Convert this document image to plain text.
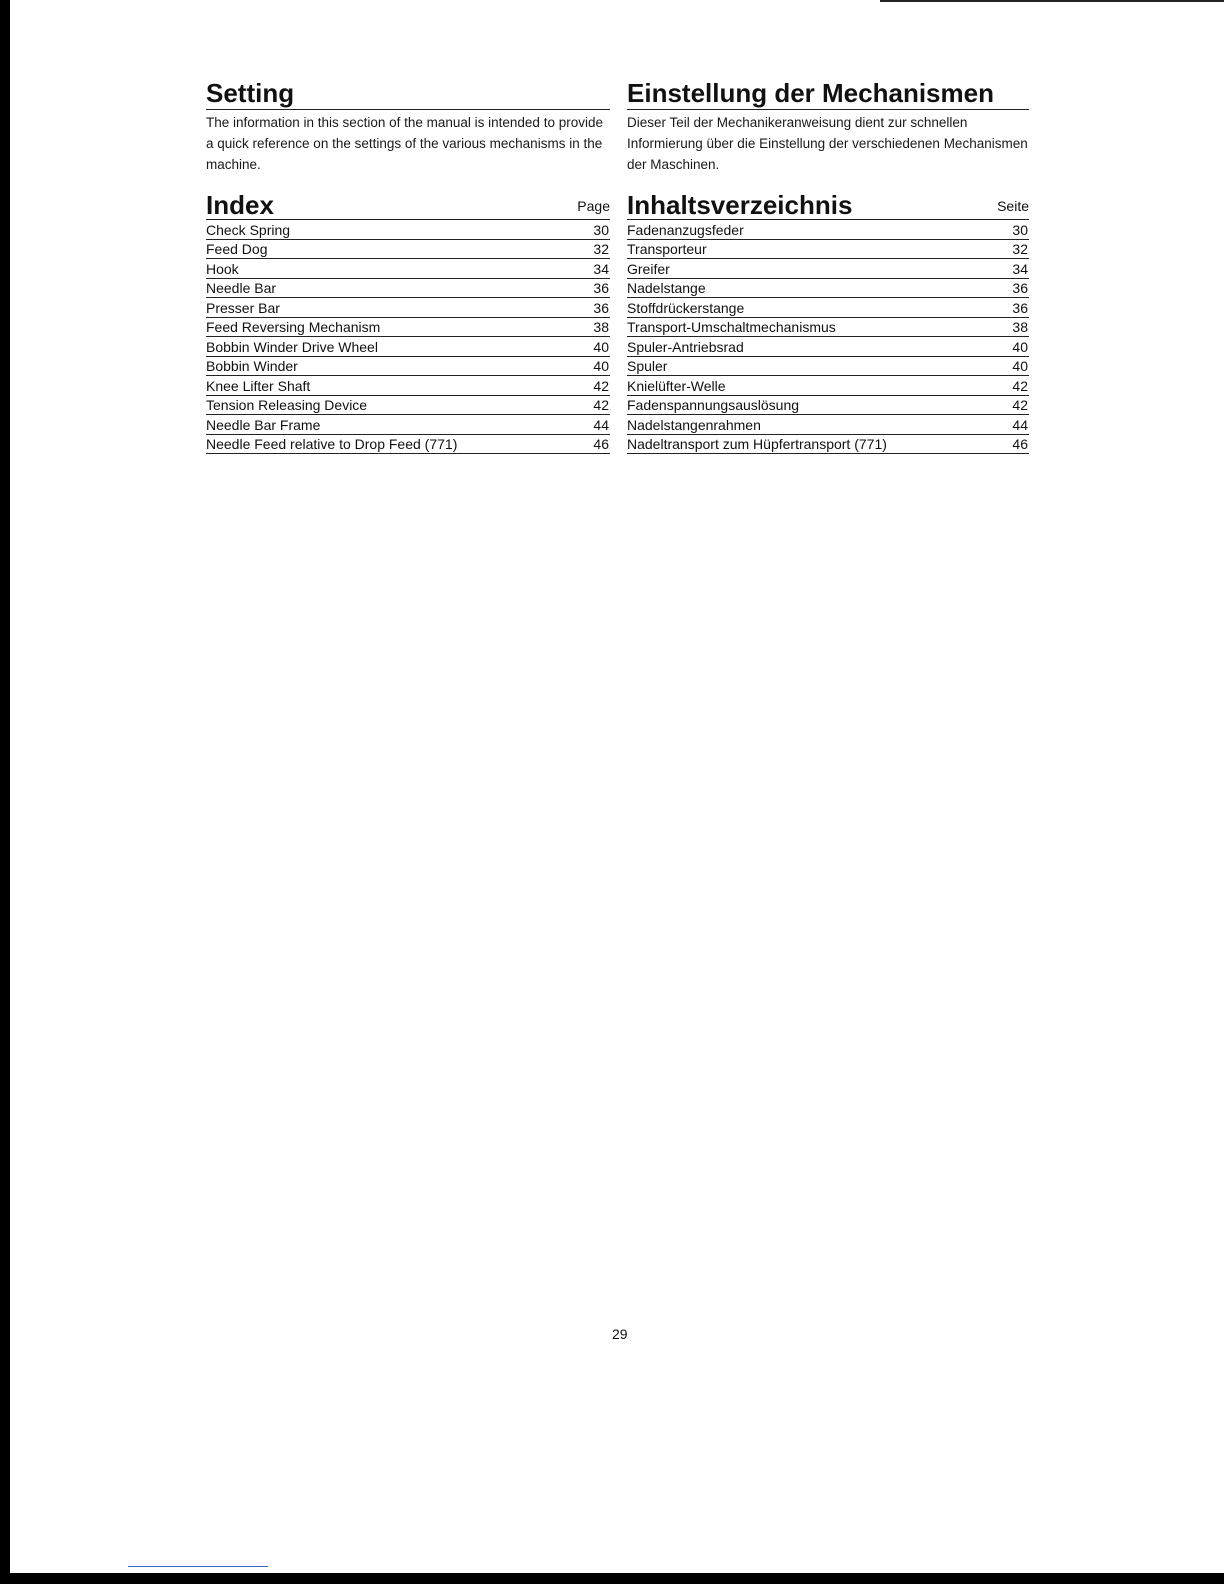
Setting

The information in this section of the manual is intended to provide a quick reference on the settings of the various mechanisms in the machine.

Index	Page
Check Spring	30
Feed Dog	32
Hook	34
Needle Bar	36
Presser Bar	36
Feed Reversing Mechanism	38
Bobbin Winder Drive Wheel	40
Bobbin Winder	40
Knee Lifter Shaft	42
Tension Releasing Device	42
Needle Bar Frame	44
Needle Feed relative to Drop Feed (771)	46
Einstellung der Mechanismen

Dieser Teil der Mechanikeranweisung dient zur schnellen Informierung über die Einstellung der verschiedenen Mechanismen der Maschinen.

Inhaltsverzeichnis	Seite
Fadenanzugsfeder	30
Transporteur	32
Greifer	34
Nadelstange	36
Stoffdrückerstange	36
Transport-Umschaltmechanismus	38
Spuler-Antriebsrad	40
Spuler	40
Knielüfter-Welle	42
Fadenspannungsauslösung	42
Nadelstangenrahmen	44
Nadeltransport zum Hüpfertransport (771)	46
29
